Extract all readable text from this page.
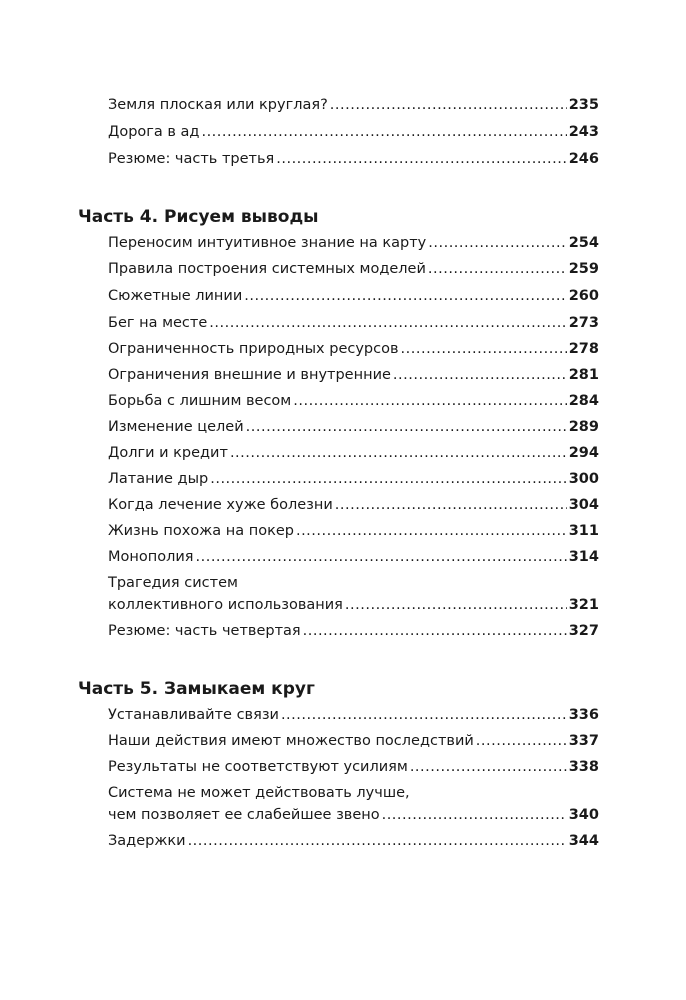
Земля плоская или круглая? .....	235
Дорога в ад .....	243
Резюме: часть третья .....	246
Часть 4. Рисуем выводы
Переносим интуитивное знание на карту .....	254
Правила построения системных моделей .....	259
Сюжетные линии .....	260
Бег на месте .....	273
Ограниченность природных ресурсов .....	278
Ограничения внешние и внутренние .....	281
Борьба с лишним весом .....	284
Изменение целей .....	289
Долги и кредит .....	294
Латание дыр .....	300
Когда лечение хуже болезни .....	304
Жизнь похожа на покер .....	311
Монополия .....	314
Трагедия систем
коллективного использования .....	321
Резюме: часть четвертая .....	327
Часть 5. Замыкаем круг
Устанавливайте связи .....	336
Наши действия имеют множество последствий .....	337
Результаты не соответствуют усилиям .....	338
Система не может действовать лучше,
чем позволяет ее слабейшее звено .....	340
Задержки .....	344
